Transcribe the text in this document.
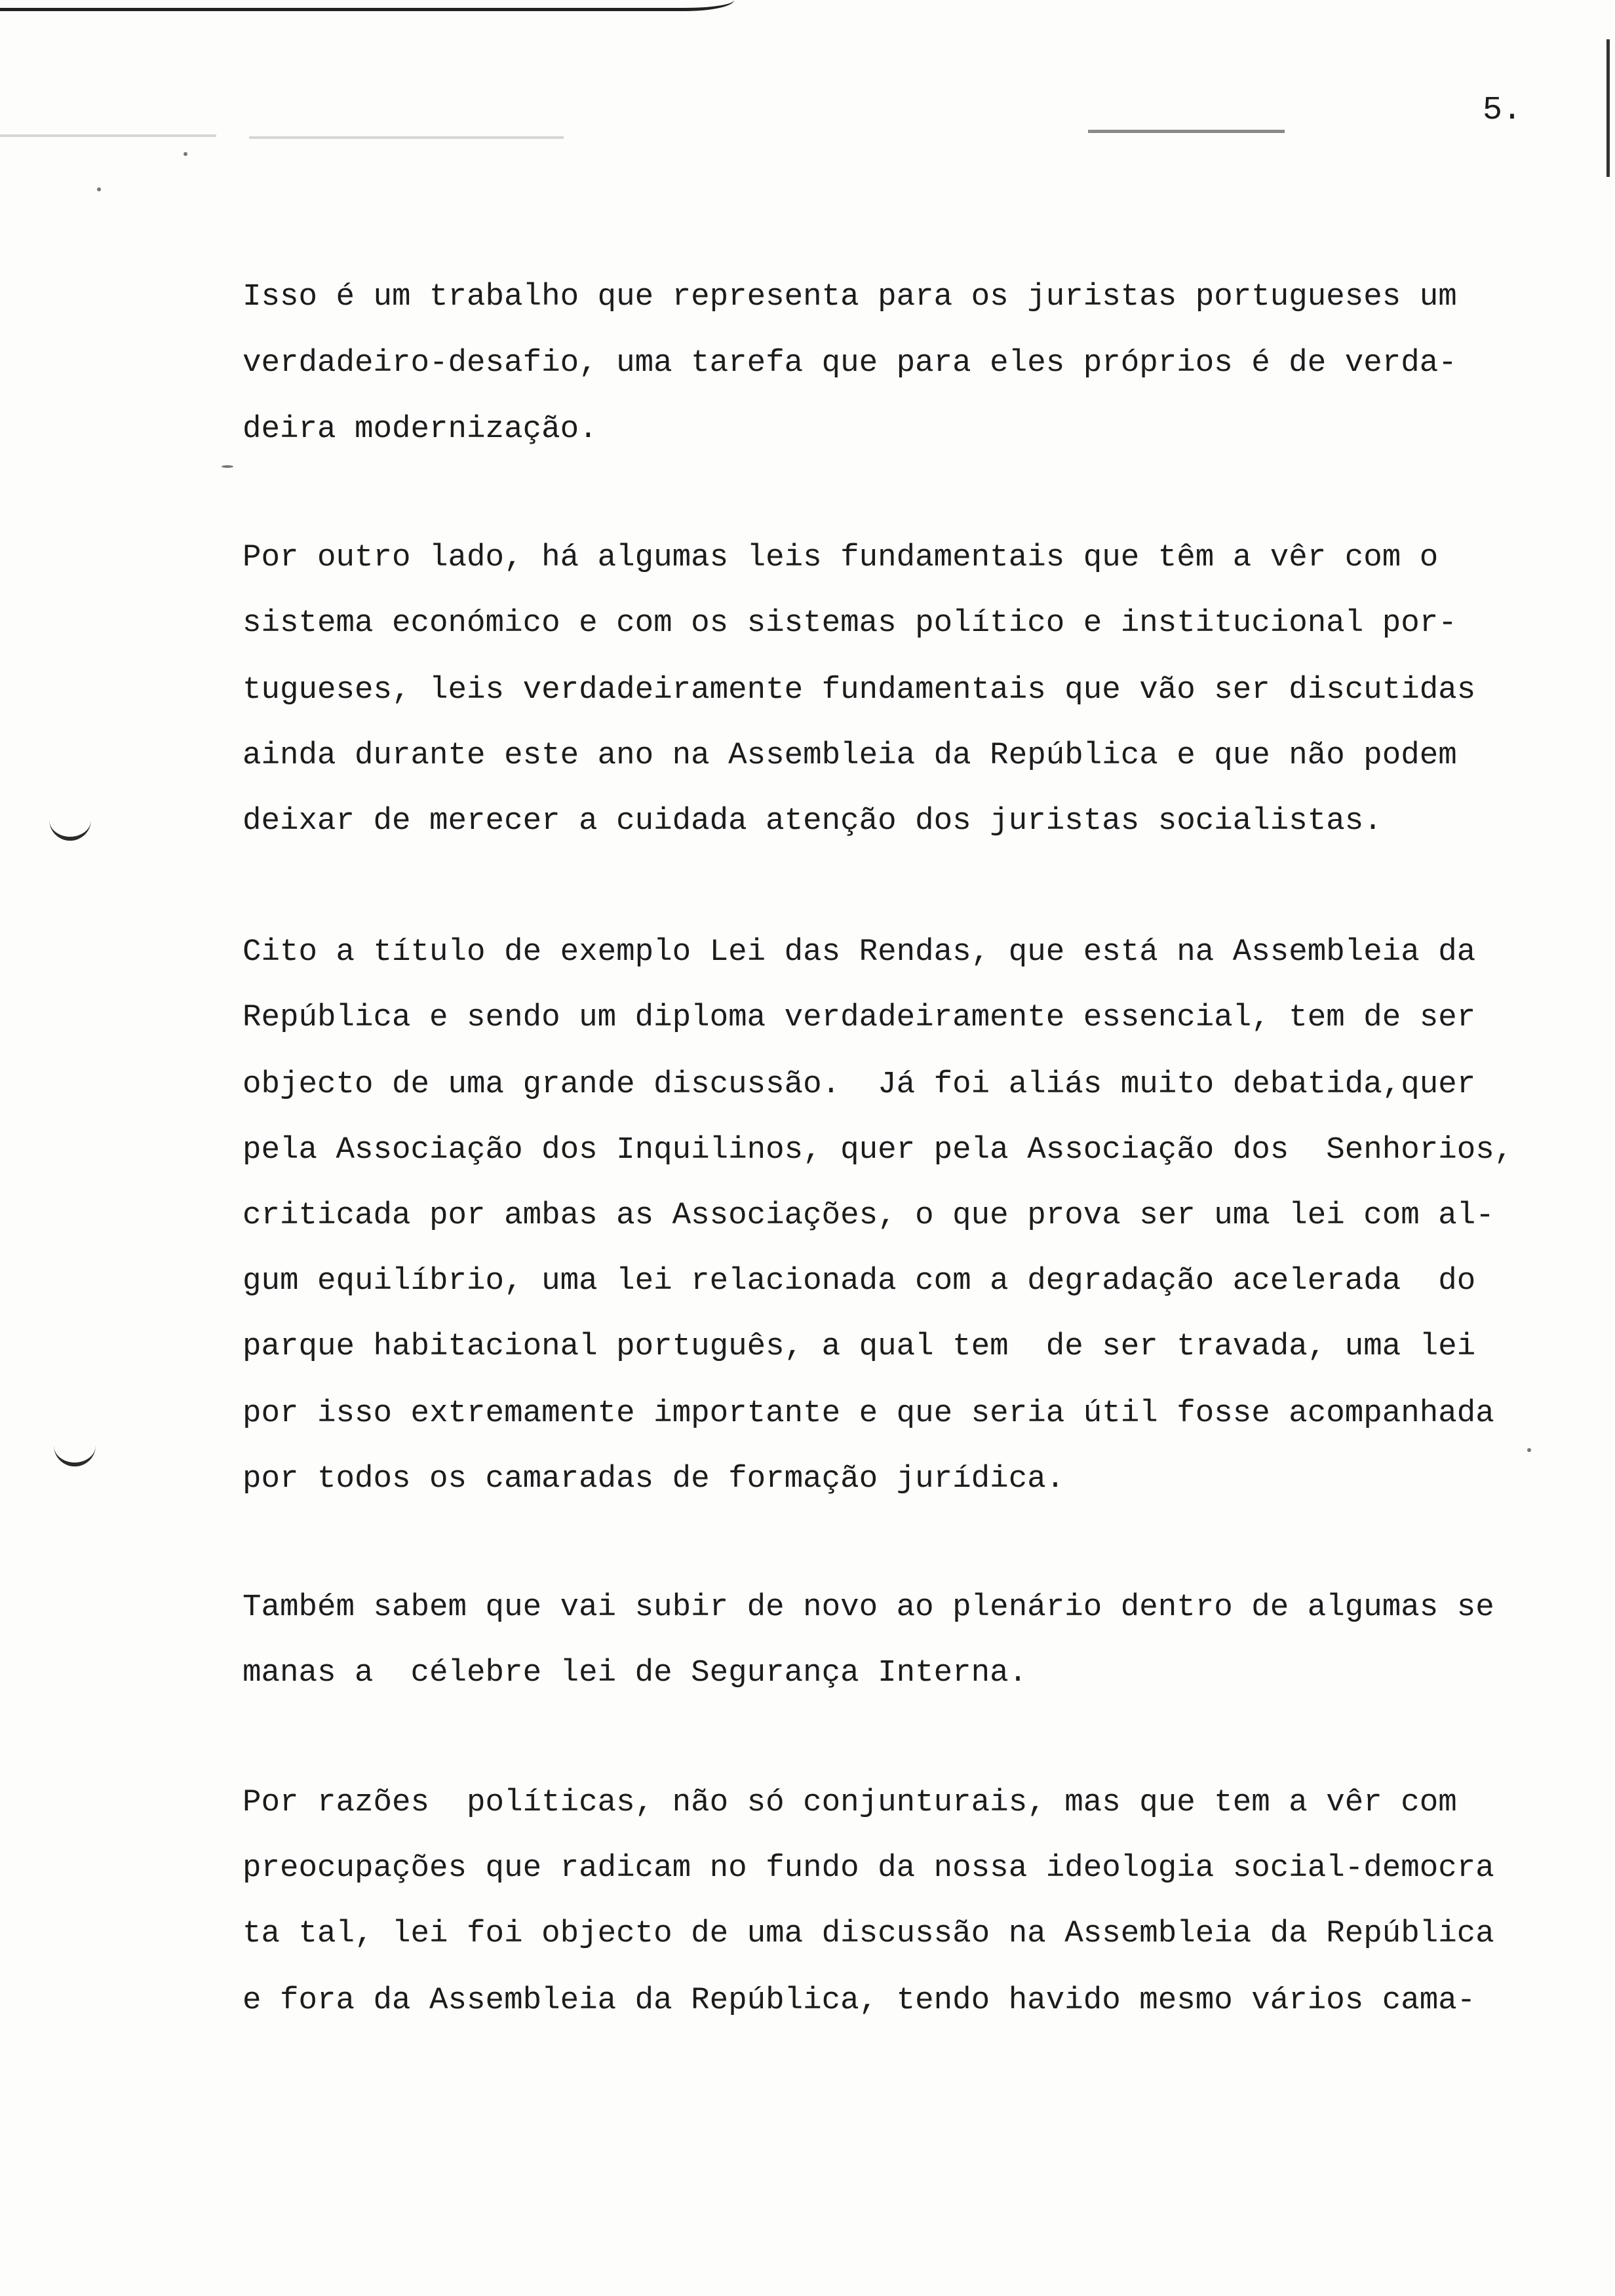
5.
Isso é um trabalho que representa para os juristas portugueses um
verdadeiro-desafio, uma tarefa que para eles próprios é de verda-
deira modernização.
Por outro lado, há algumas leis fundamentais que têm a vêr com o
sistema económico e com os sistemas político e institucional por-
tugueses, leis verdadeiramente fundamentais que vão ser discutidas
ainda durante este ano na Assembleia da República e que não podem
deixar de merecer a cuidada atenção dos juristas socialistas.
Cito a título de exemplo Lei das Rendas, que está na Assembleia da
República e sendo um diploma verdadeiramente essencial, tem de ser
objecto de uma grande discussão.  Já foi aliás muito debatida,quer
pela Associação dos Inquilinos, quer pela Associação dos  Senhorios,
criticada por ambas as Associações, o que prova ser uma lei com al-
gum equilíbrio, uma lei relacionada com a degradação acelerada  do
parque habitacional português, a qual tem  de ser travada, uma lei
por isso extremamente importante e que seria útil fosse acompanhada
por todos os camaradas de formação jurídica.
Também sabem que vai subir de novo ao plenário dentro de algumas se
manas a  célebre lei de Segurança Interna.
Por razões  políticas, não só conjunturais, mas que tem a vêr com
preocupações que radicam no fundo da nossa ideologia social-democra
ta tal, lei foi objecto de uma discussão na Assembleia da República
e fora da Assembleia da República, tendo havido mesmo vários cama-
